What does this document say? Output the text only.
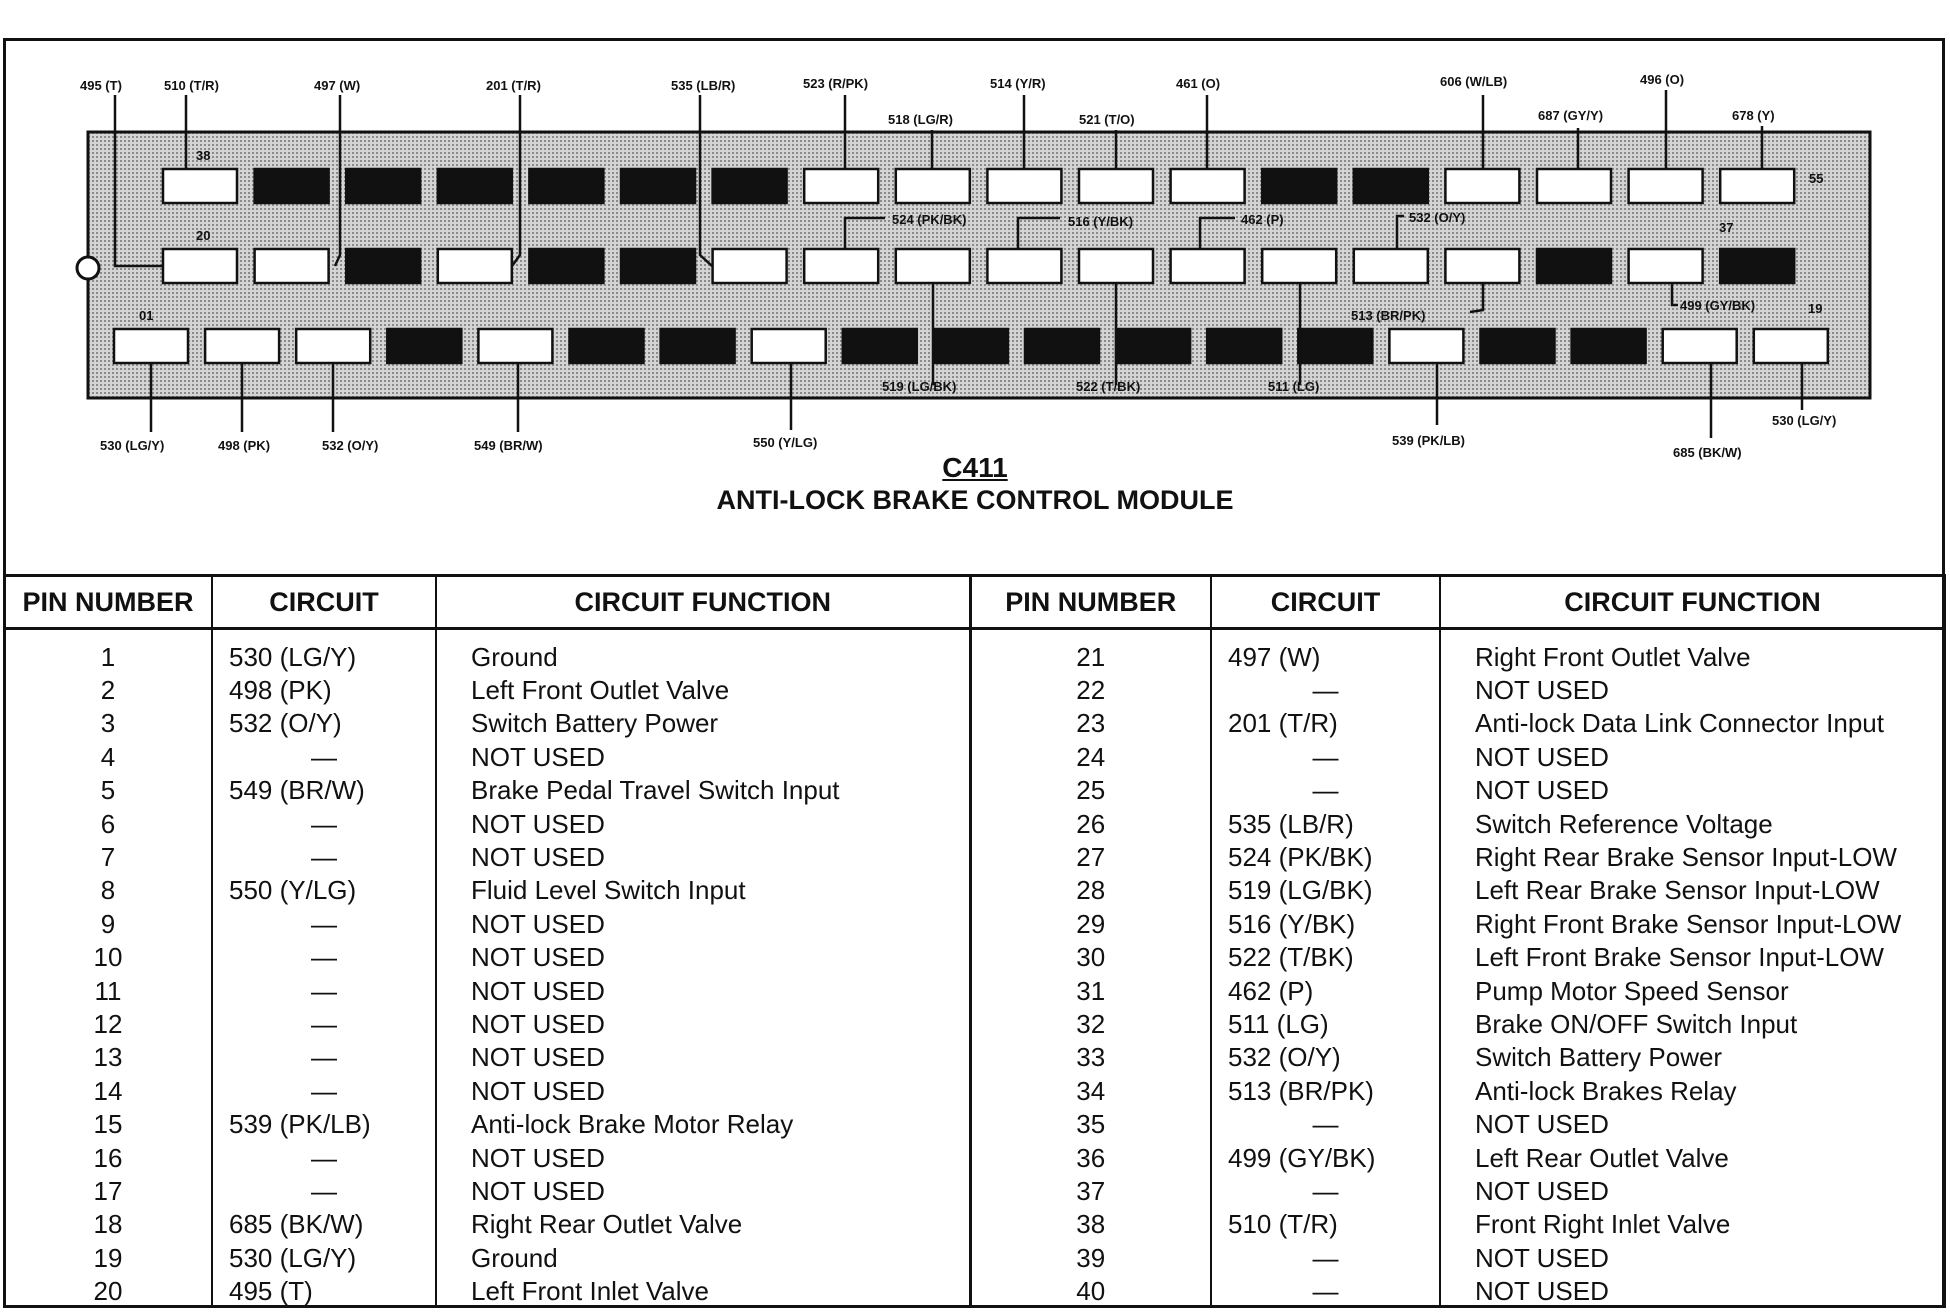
38
20
01
55
37
19
495 (T)	510 (T/R)	497 (W)	201 (T/R)	535 (LB/R)	523 (R/PK)
518 (LG/R)
514 (Y/R)
521 (T/O)
461 (O)	606 (W/LB)
687 (GY/Y)
496 (O)
678 (Y)
524 (PK/BK)	516 (Y/BK)	462 (P)	532 (O/Y)
513 (BR/PK)
499 (GY/BK)
519 (LG/BK)	522 (T/BK)	511 (LG)
530 (LG/Y)	498 (PK)	532 (O/Y)	549 (BR/W)	550 (Y/LG)	539 (PK/LB)
685 (BK/W)
530 (LG/Y)
C411
ANTI-LOCK BRAKE CONTROL MODULE
PIN NUMBER	CIRCUIT	CIRCUIT FUNCTION	PIN NUMBER	CIRCUIT	CIRCUIT FUNCTION
1	530 (LG/Y)	Ground	21	497 (W)	Right Front Outlet Valve
2	498 (PK)	Left Front Outlet Valve	22	—	NOT USED
3	532 (O/Y)	Switch Battery Power	23	201 (T/R)	Anti-lock Data Link Connector Input
4	—	NOT USED	24	—	NOT USED
5	549 (BR/W)	Brake Pedal Travel Switch Input	25	—	NOT USED
6	—	NOT USED	26	535 (LB/R)	Switch Reference Voltage
7	—	NOT USED	27	524 (PK/BK)	Right Rear Brake Sensor Input-LOW
8	550 (Y/LG)	Fluid Level Switch Input	28	519 (LG/BK)	Left Rear Brake Sensor Input-LOW
9	—	NOT USED	29	516 (Y/BK)	Right Front Brake Sensor Input-LOW
10	—	NOT USED	30	522 (T/BK)	Left Front Brake Sensor Input-LOW
11	—	NOT USED	31	462 (P)	Pump Motor Speed Sensor
12	—	NOT USED	32	511 (LG)	Brake ON/OFF Switch Input
13	—	NOT USED	33	532 (O/Y)	Switch Battery Power
14	—	NOT USED	34	513 (BR/PK)	Anti-lock Brakes Relay
15	539 (PK/LB)	Anti-lock Brake Motor Relay	35	—	NOT USED
16	—	NOT USED	36	499 (GY/BK)	Left Rear Outlet Valve
17	—	NOT USED	37	—	NOT USED
18	685 (BK/W)	Right Rear Outlet Valve	38	510 (T/R)	Front Right Inlet Valve
19	530 (LG/Y)	Ground	39	—	NOT USED
20	495 (T)	Left Front Inlet Valve	40	—	NOT USED
